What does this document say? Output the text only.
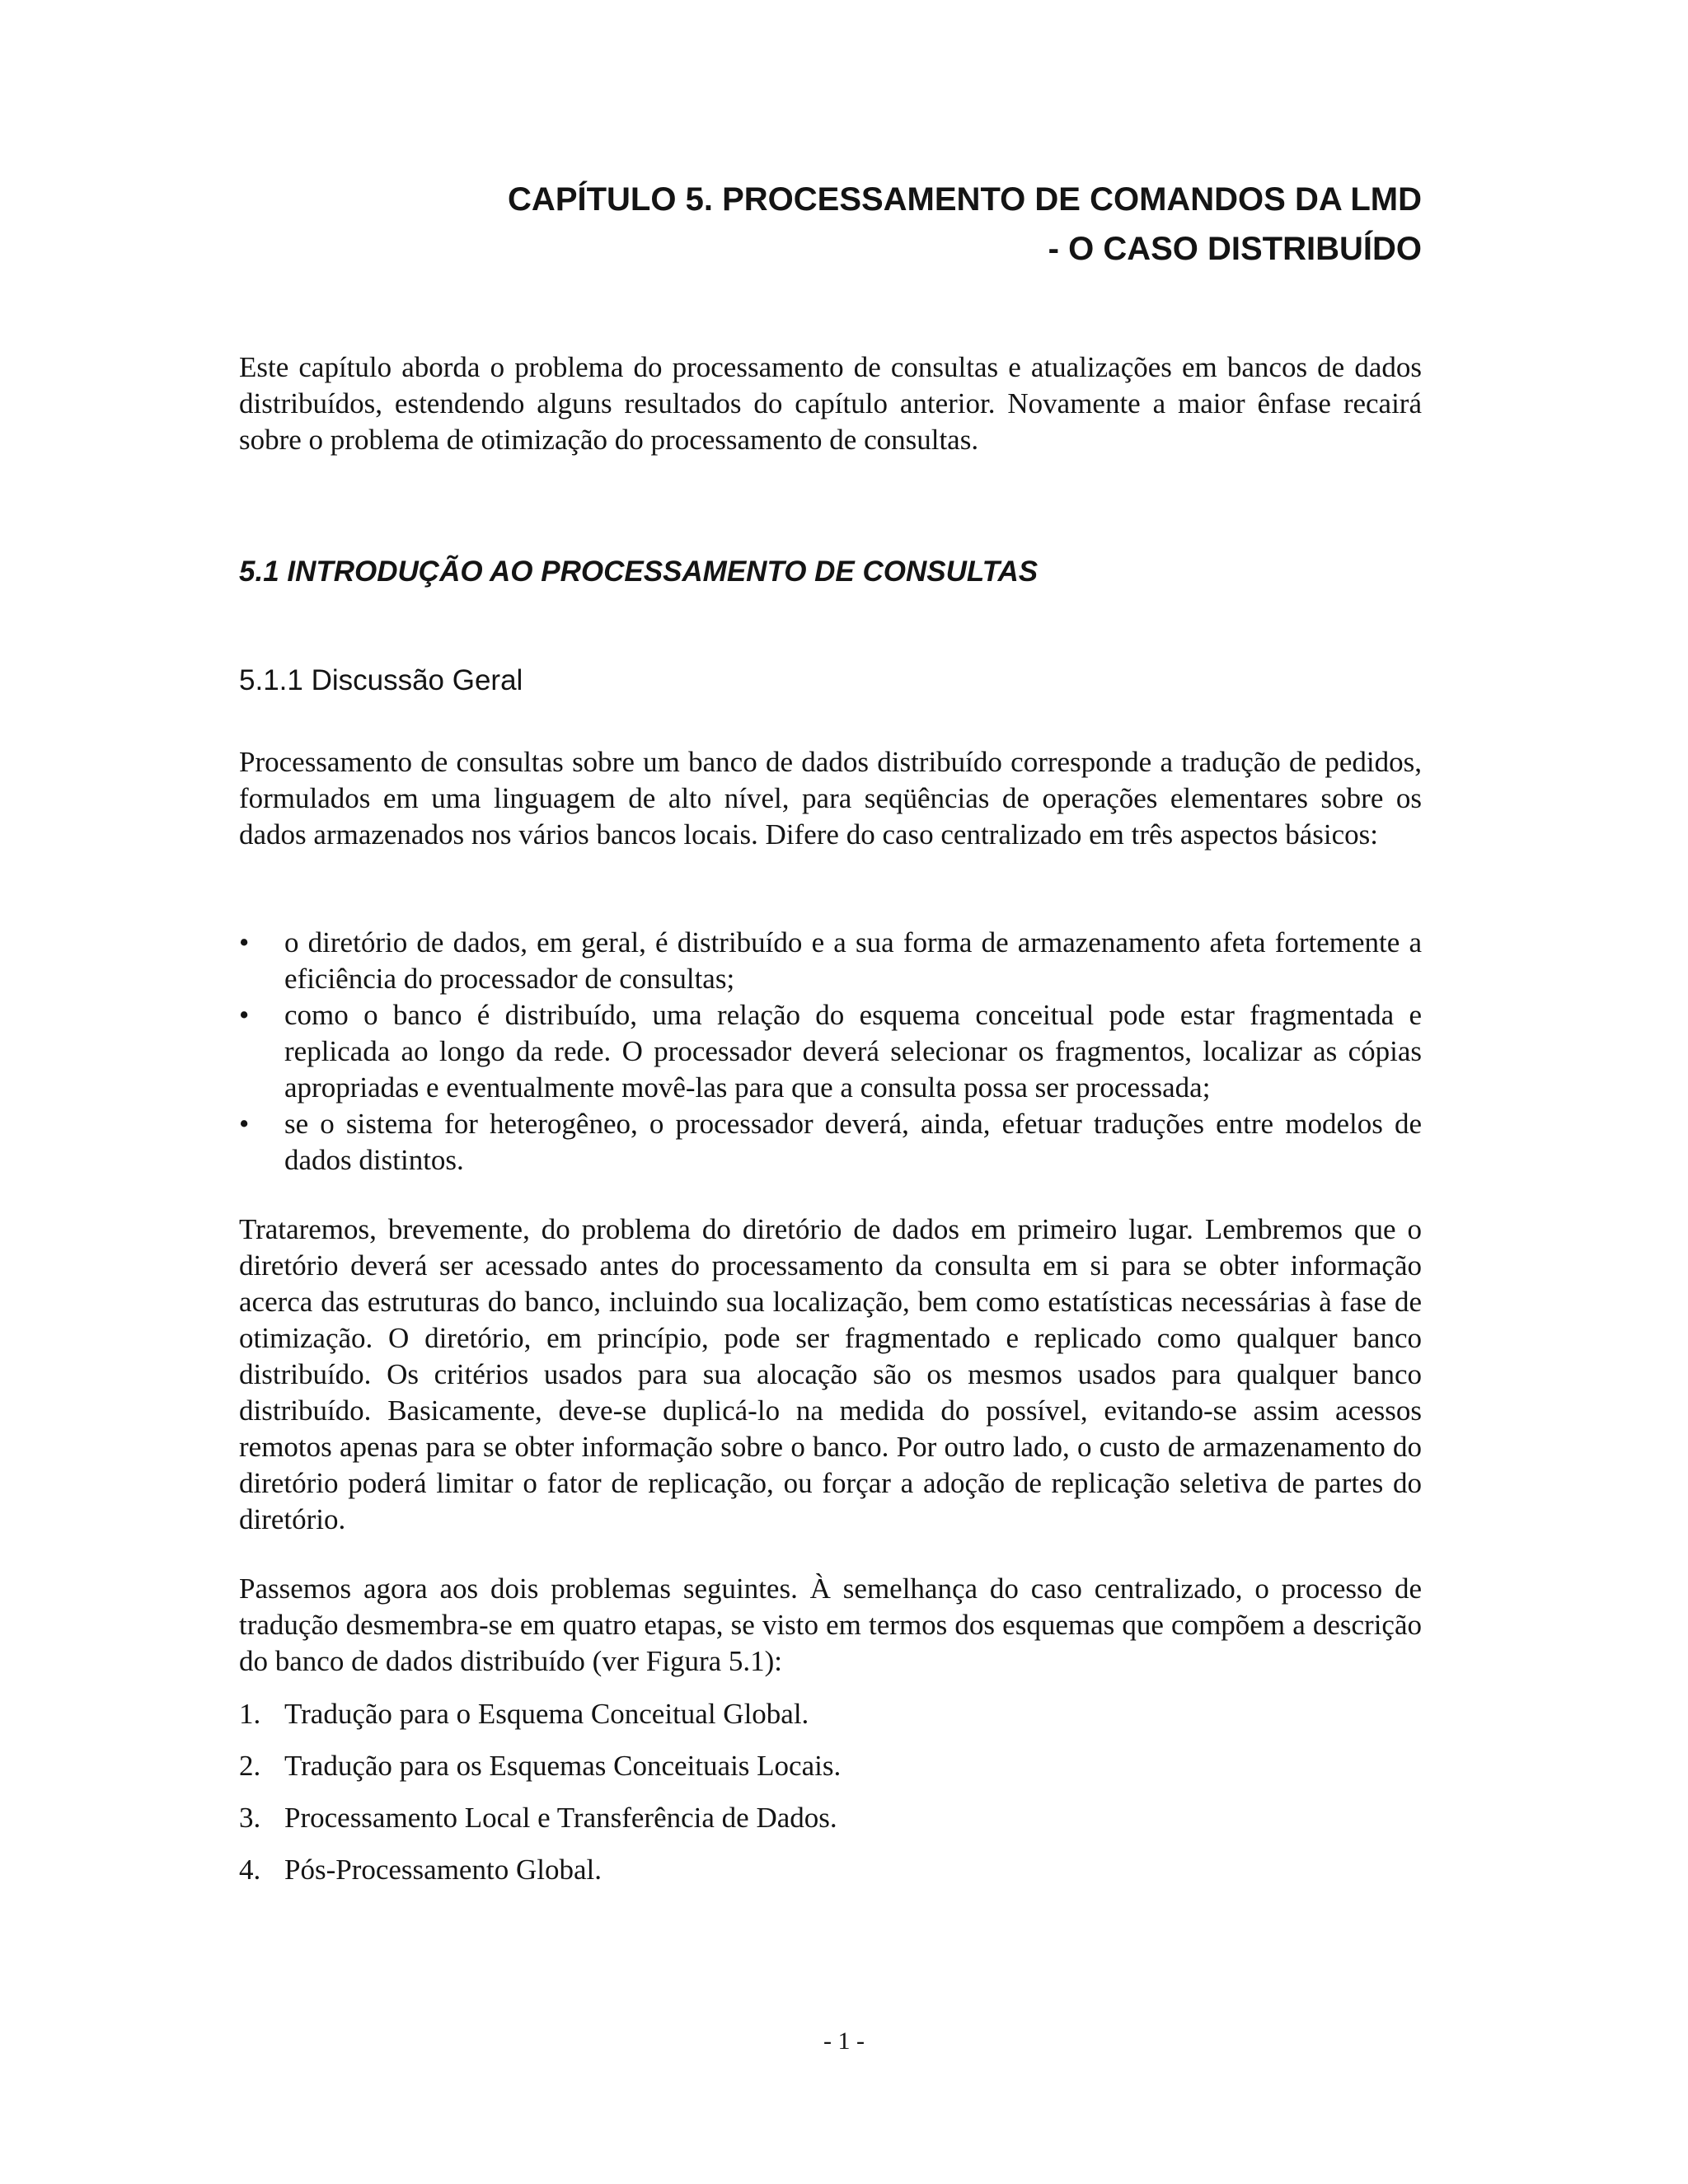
CAPÍTULO 5. PROCESSAMENTO DE COMANDOS DA LMD
- O CASO DISTRIBUÍDO

Este capítulo aborda o problema do processamento de consultas e atualizações em bancos de dados distribuídos, estendendo alguns resultados do capítulo anterior. Novamente a maior ênfase recairá sobre o problema de otimização do processamento de consultas.

5.1 INTRODUÇÃO AO PROCESSAMENTO DE CONSULTAS
5.1.1 Discussão Geral

Processamento de consultas sobre um banco de dados distribuído corresponde a tradução de pedidos, formulados em uma linguagem de alto nível, para seqüências de operações elementares sobre os dados armazenados nos vários bancos locais. Difere do caso centralizado em três aspectos básicos:

• o diretório de dados, em geral, é distribuído e a sua forma de armazenamento afeta fortemente a eficiência do processador de consultas;
• como o banco é distribuído, uma relação do esquema conceitual pode estar fragmentada e replicada ao longo da rede. O processador deverá selecionar os fragmentos, localizar as cópias apropriadas e eventualmente movê-las para que a consulta possa ser processada;
• se o sistema for heterogêneo, o processador deverá, ainda, efetuar traduções entre modelos de dados distintos.

Trataremos, brevemente, do problema do diretório de dados em primeiro lugar. Lembremos que o diretório deverá ser acessado antes do processamento da consulta em si para se obter informação acerca das estruturas do banco, incluindo sua localização, bem como estatísticas necessárias à fase de otimização. O diretório, em princípio, pode ser fragmentado e replicado como qualquer banco distribuído. Os critérios usados para sua alocação são os mesmos usados para qualquer banco distribuído. Basicamente, deve-se duplicá-lo na medida do possível, evitando-se assim acessos remotos apenas para se obter informação sobre o banco. Por outro lado, o custo de armazenamento do diretório poderá limitar o fator de replicação, ou forçar a adoção de replicação seletiva de partes do diretório.

Passemos agora aos dois problemas seguintes. À semelhança do caso centralizado, o processo de tradução desmembra-se em quatro etapas, se visto em termos dos esquemas que compõem a descrição do banco de dados distribuído (ver Figura 5.1):

1. Tradução para o Esquema Conceitual Global.
2. Tradução para os Esquemas Conceituais Locais.
3. Processamento Local e Transferência de Dados.
4. Pós-Processamento Global.

- 1 -
